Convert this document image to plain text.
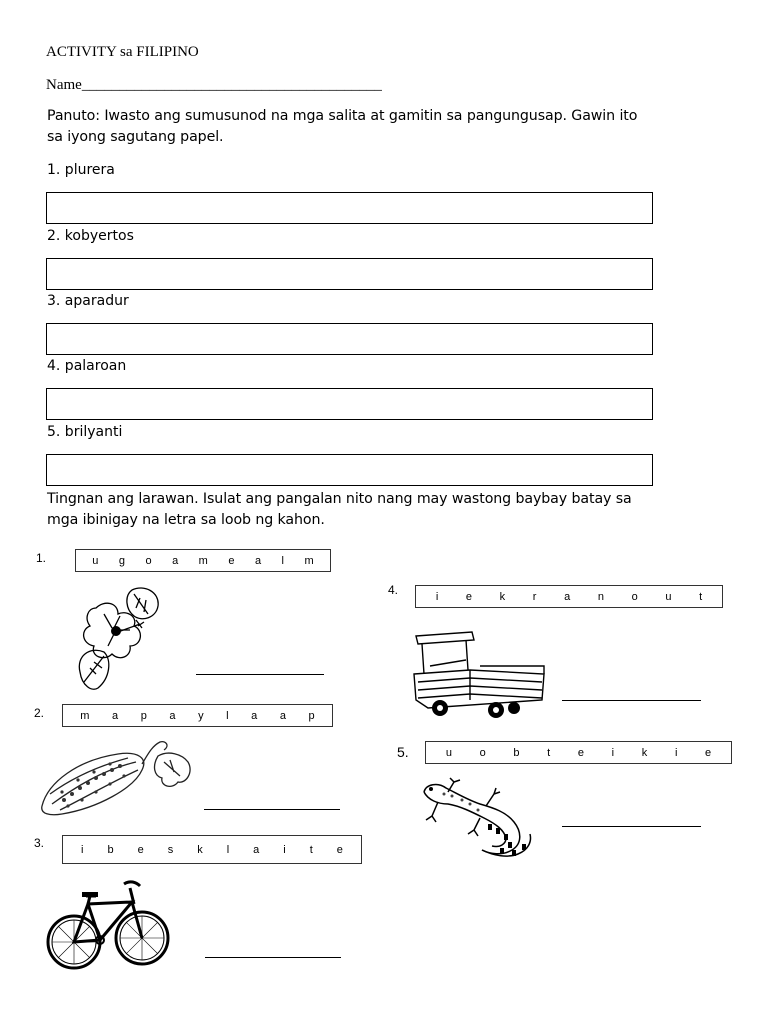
ACTIVITY sa FILIPINO
Name________________________________________
Panuto: Iwasto ang sumusunod na mga salita at gamitin sa pangungusap. Gawin ito
sa iyong sagutang papel.
1. plurera
2. kobyertos
3. aparadur
4. palaroan
5. brilyanti
Tingnan ang larawan. Isulat ang pangalan nito nang may wastong baybay batay sa
mga ibinigay na letra sa loob ng kahon.
1.	u g o a m e a l m
2.	m a p a y l a a p
3.	i b e s k l a i t e
4.	i	e	k	r	a	n	o	u	t
5.	u	o	b	t	e	i	k	i	e
